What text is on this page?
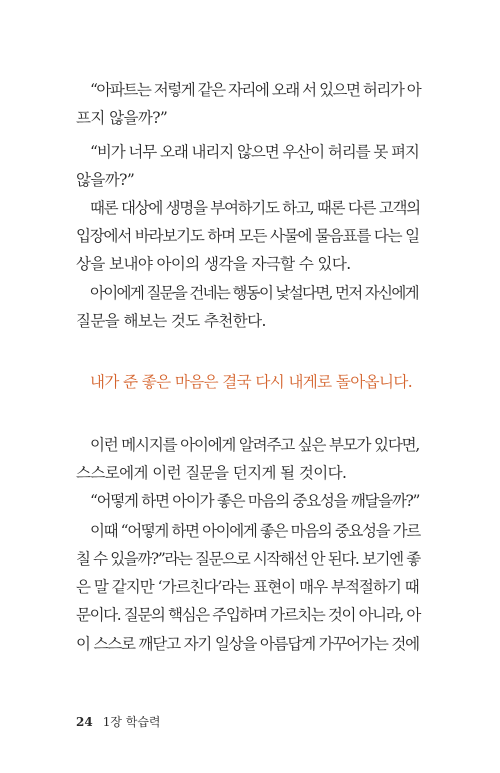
“아파트는 저렇게 같은 자리에 오래 서 있으면 허리가 아
프지 않을까?”
“비가 너무 오래 내리지 않으면 우산이 허리를 못 펴지
않을까?”
때론 대상에 생명을 부여하기도 하고, 때론 다른 고객의
입장에서 바라보기도 하며 모든 사물에 물음표를 다는 일
상을 보내야 아이의 생각을 자극할 수 있다.
아이에게 질문을 건네는 행동이 낯설다면, 먼저 자신에게
질문을 해보는 것도 추천한다.
내가 준 좋은 마음은 결국 다시 내게로 돌아옵니다.
이런 메시지를 아이에게 알려주고 싶은 부모가 있다면,
스스로에게 이런 질문을 던지게 될 것이다.
“어떻게 하면 아이가 좋은 마음의 중요성을 깨달을까?”
이때 “어떻게 하면 아이에게 좋은 마음의 중요성을 가르
칠 수 있을까?”라는 질문으로 시작해선 안 된다. 보기엔 좋
은 말 같지만 ‘가르친다’라는 표현이 매우 부적절하기 때
문이다. 질문의 핵심은 주입하며 가르치는 것이 아니라, 아
이 스스로 깨닫고 자기 일상을 아름답게 가꾸어가는 것에
24 1장 학습력
